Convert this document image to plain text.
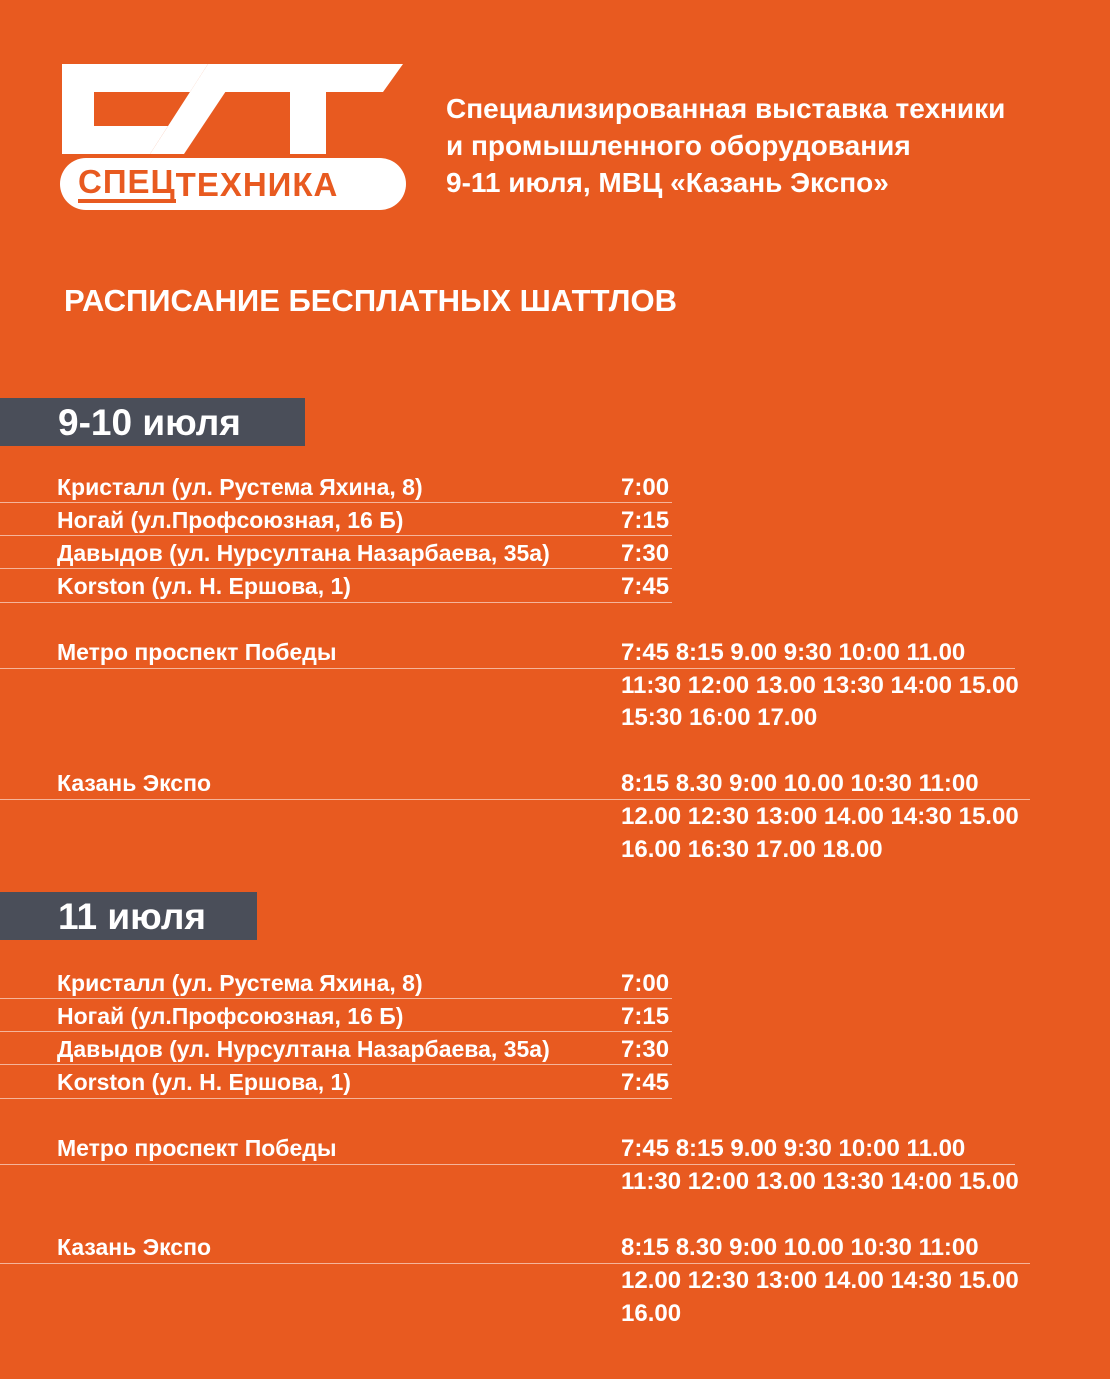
СПЕЦ ТЕХНИКА
Специализированная выставка техники
и промышленного оборудования
9-11 июля, МВЦ «Казань Экспо»
РАСПИСАНИЕ БЕСПЛАТНЫХ ШАТТЛОВ
9-10 июля
Кристалл (ул. Рустема Яхина, 8)	7:00
Ногай (ул.Профсоюзная, 16 Б)	7:15
Давыдов (ул. Нурсултана Назарбаева, 35а)	7:30
Korston (ул. Н. Ершова, 1)	7:45
Метро проспект Победы	7:45 8:15 9.00 9:30 10:00 11.00
11:30 12:00 13.00 13:30 14:00 15.00
15:30 16:00 17.00
Казань Экспо	8:15 8.30 9:00 10.00 10:30 11:00
12.00 12:30 13:00 14.00 14:30 15.00
16.00 16:30 17.00 18.00
11 июля
Кристалл (ул. Рустема Яхина, 8)	7:00
Ногай (ул.Профсоюзная, 16 Б)	7:15
Давыдов (ул. Нурсултана Назарбаева, 35а)	7:30
Korston (ул. Н. Ершова, 1)	7:45
Метро проспект Победы	7:45 8:15 9.00 9:30 10:00 11.00
11:30 12:00 13.00 13:30 14:00 15.00
Казань Экспо	8:15 8.30 9:00 10.00 10:30 11:00
12.00 12:30 13:00 14.00 14:30 15.00
16.00
